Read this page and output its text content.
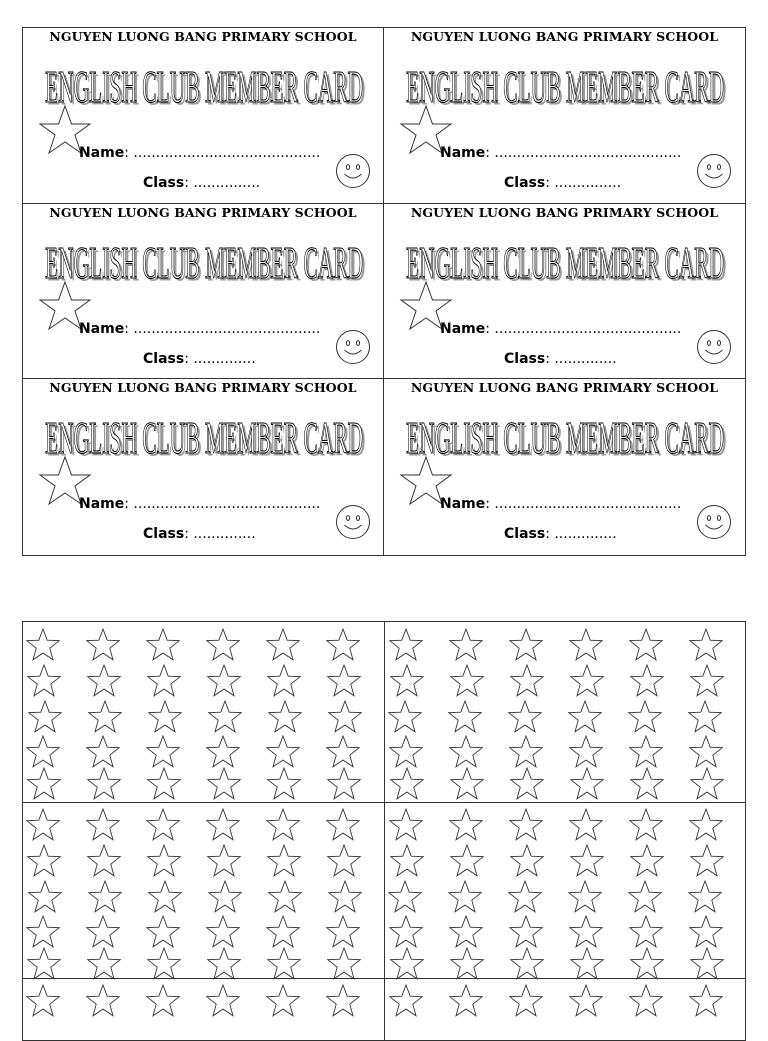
NGUYEN LUONG BANG PRIMARY SCHOOL
ENGLISH CLUB MEMBER CARD
ENGLISH CLUB MEMBER CARD
Name: ..........................................
Class: ...............
NGUYEN LUONG BANG PRIMARY SCHOOL
ENGLISH CLUB MEMBER CARD
ENGLISH CLUB MEMBER CARD
Name: ..........................................
Class: ...............
NGUYEN LUONG BANG PRIMARY SCHOOL
ENGLISH CLUB MEMBER CARD
ENGLISH CLUB MEMBER CARD
Name: ..........................................
Class: ..............
NGUYEN LUONG BANG PRIMARY SCHOOL
ENGLISH CLUB MEMBER CARD
ENGLISH CLUB MEMBER CARD
Name: ..........................................
Class: ..............
NGUYEN LUONG BANG PRIMARY SCHOOL
ENGLISH CLUB MEMBER CARD
ENGLISH CLUB MEMBER CARD
Name: ..........................................
Class: ..............
NGUYEN LUONG BANG PRIMARY SCHOOL
ENGLISH CLUB MEMBER CARD
ENGLISH CLUB MEMBER CARD
Name: ..........................................
Class: ..............
